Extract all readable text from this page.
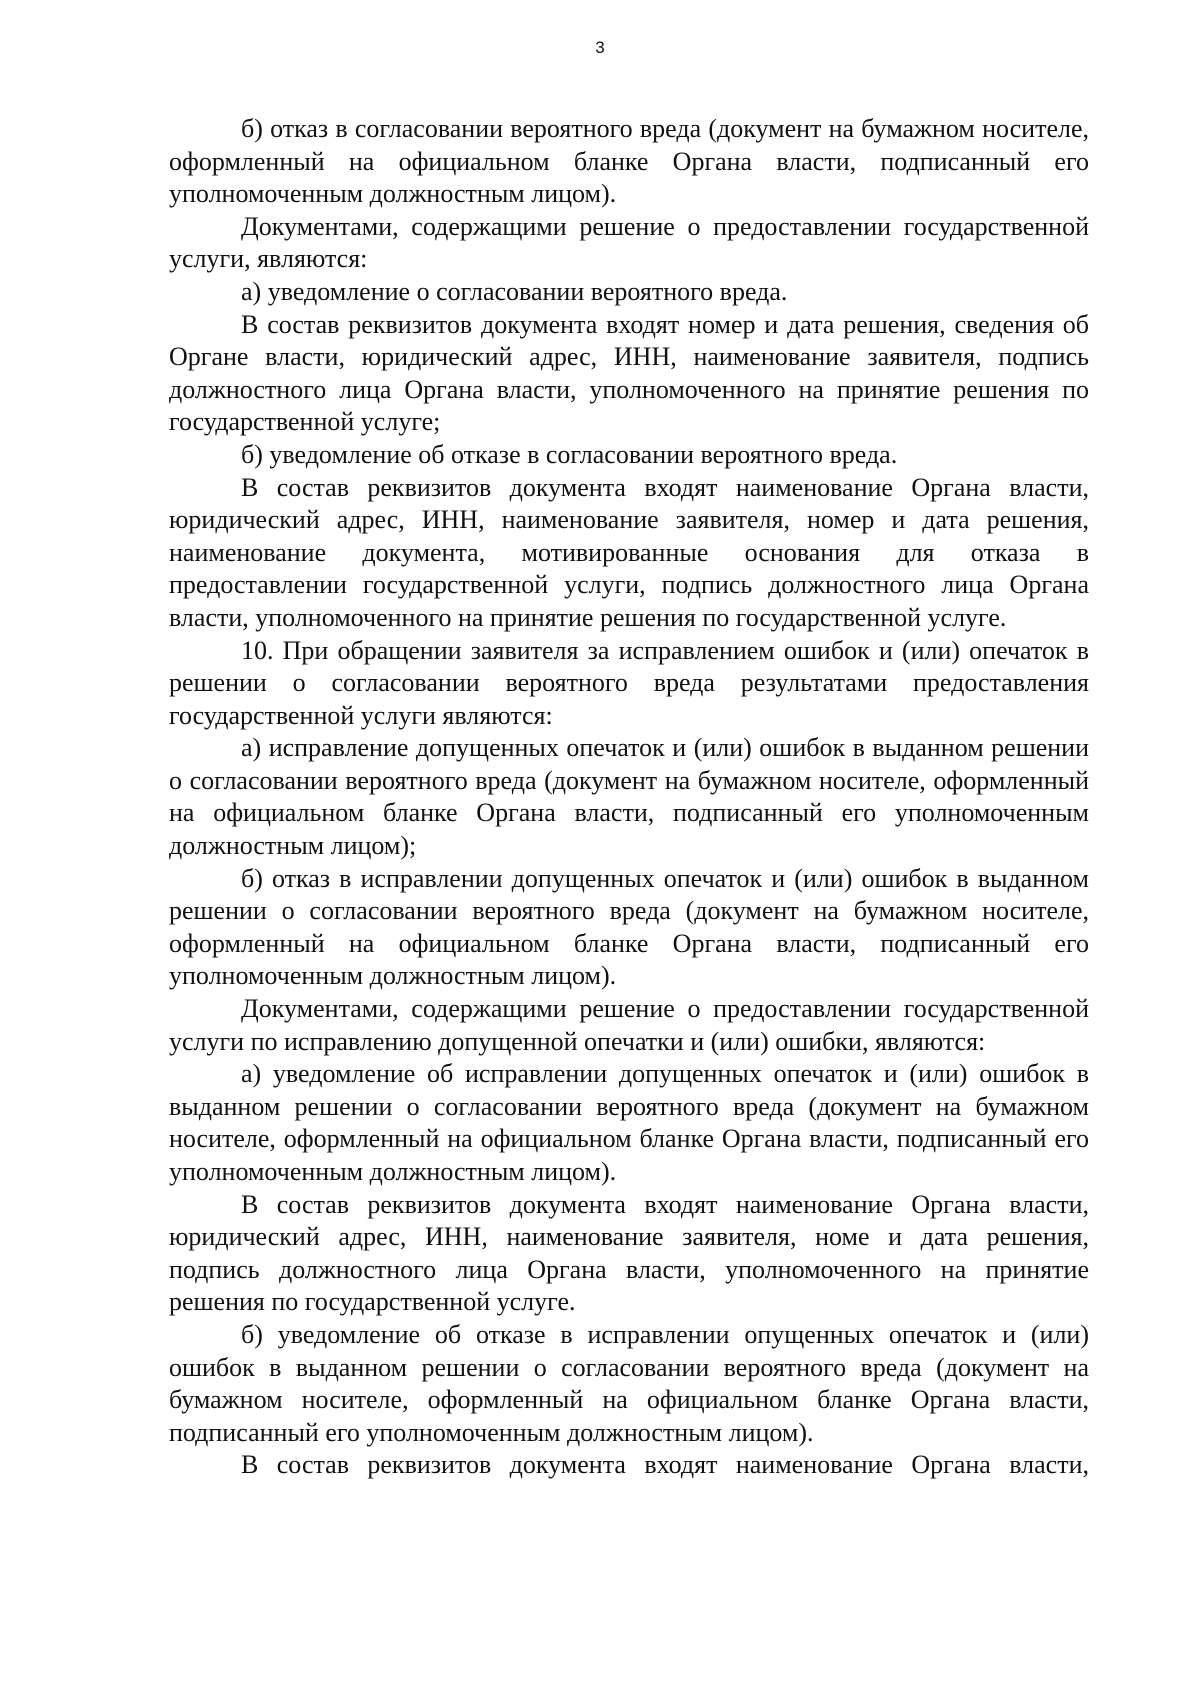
3

б) отказ в согласовании вероятного вреда (документ на бумажном носителе, оформленный на официальном бланке Органа власти, подписанный его уполномоченным должностным лицом).

Документами, содержащими решение о предоставлении государственной услуги, являются:

а) уведомление о согласовании вероятного вреда.

В состав реквизитов документа входят номер и дата решения, сведения об Органе власти, юридический адрес, ИНН, наименование заявителя, подпись должностного лица Органа власти, уполномоченного на принятие решения по государственной услуге;

б) уведомление об отказе в согласовании вероятного вреда.

В состав реквизитов документа входят наименование Органа власти, юридический адрес, ИНН, наименование заявителя, номер и дата решения, наименование документа, мотивированные основания для отказа в предоставлении государственной услуги, подпись должностного лица Органа власти, уполномоченного на принятие решения по государственной услуге.

10. При обращении заявителя за исправлением ошибок и (или) опечаток в решении о согласовании вероятного вреда результатами предоставления государственной услуги являются:

а) исправление допущенных опечаток и (или) ошибок в выданном решении о согласовании вероятного вреда (документ на бумажном носителе, оформленный на официальном бланке Органа власти, подписанный его уполномоченным должностным лицом);

б) отказ в исправлении допущенных опечаток и (или) ошибок в выданном решении о согласовании вероятного вреда (документ на бумажном носителе, оформленный на официальном бланке Органа власти, подписанный его уполномоченным должностным лицом).

Документами, содержащими решение о предоставлении государственной услуги по исправлению допущенной опечатки и (или) ошибки, являются:

а) уведомление об исправлении допущенных опечаток и (или) ошибок в выданном решении о согласовании вероятного вреда (документ на бумажном носителе, оформленный на официальном бланке Органа власти, подписанный его уполномоченным должностным лицом).

В состав реквизитов документа входят наименование Органа власти, юридический адрес, ИНН, наименование заявителя, номе и дата решения, подпись должностного лица Органа власти, уполномоченного на принятие решения по государственной услуге.

б) уведомление об отказе в исправлении опущенных опечаток и (или) ошибок в выданном решении о согласовании вероятного вреда (документ на бумажном носителе, оформленный на официальном бланке Органа власти, подписанный его уполномоченным должностным лицом).

В состав реквизитов документа входят наименование Органа власти,
